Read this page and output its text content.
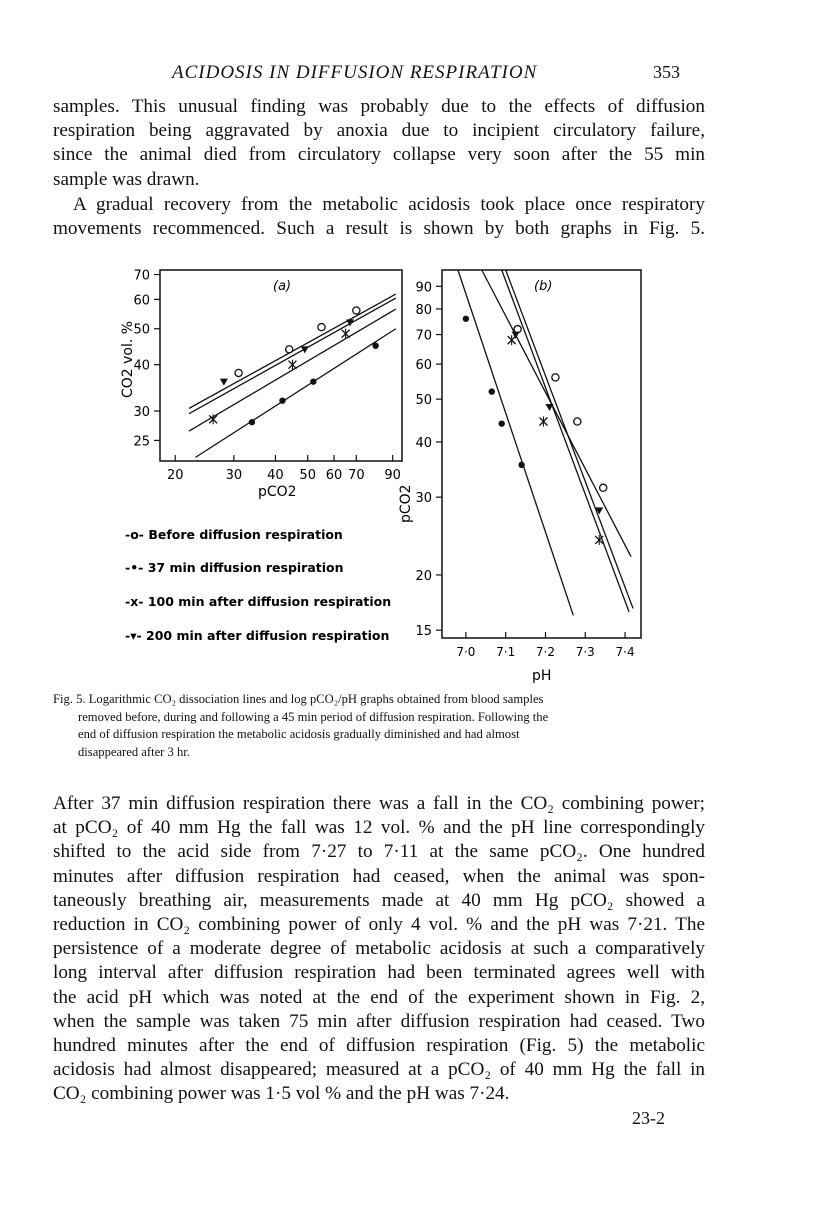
ACIDOSIS IN DIFFUSION RESPIRATION	353
samples. This unusual finding was probably due to the effects of diffusion
respiration being aggravated by anoxia due to incipient circulatory failure,
since the animal died from circulatory collapse very soon after the 55 min
sample was drawn.
A gradual recovery from the metabolic acidosis took place once respiratory
movements recommenced. Such a result is shown by both graphs in Fig. 5.
(a)
25
30
40
50
60
70
20	30 40 50 60 70 90
CO2 vol. %
pCO2
(b)
15
20
30
40
50
60
70
80
90
7·0 7·1 7·2 7·3 7·4
pCO2
pH
-o- Before diffusion respiration
-•- 37 min diffusion respiration
-x- 100 min after diffusion respiration
-▾- 200 min after diffusion respiration
Fig. 5. Logarithmic CO₂ dissociation lines and log pCO₂/pH graphs obtained from blood samples
removed before, during and following a 45 min period of diffusion respiration. Following the
end of diffusion respiration the metabolic acidosis gradually diminished and had almost
disappeared after 3 hr.
After 37 min diffusion respiration there was a fall in the CO₂ combining power;
at pCO₂ of 40 mm Hg the fall was 12 vol. % and the pH line correspondingly
shifted to the acid side from 7·27 to 7·11 at the same pCO₂. One hundred
minutes after diffusion respiration had ceased, when the animal was spon-
taneously breathing air, measurements made at 40 mm Hg pCO₂ showed a
reduction in CO₂ combining power of only 4 vol. % and the pH was 7·21. The
persistence of a moderate degree of metabolic acidosis at such a comparatively
long interval after diffusion respiration had been terminated agrees well with
the acid pH which was noted at the end of the experiment shown in Fig. 2,
when the sample was taken 75 min after diffusion respiration had ceased. Two
hundred minutes after the end of diffusion respiration (Fig. 5) the metabolic
acidosis had almost disappeared; measured at a pCO₂ of 40 mm Hg the fall in
CO₂ combining power was 1·5 vol % and the pH was 7·24.
23-2
